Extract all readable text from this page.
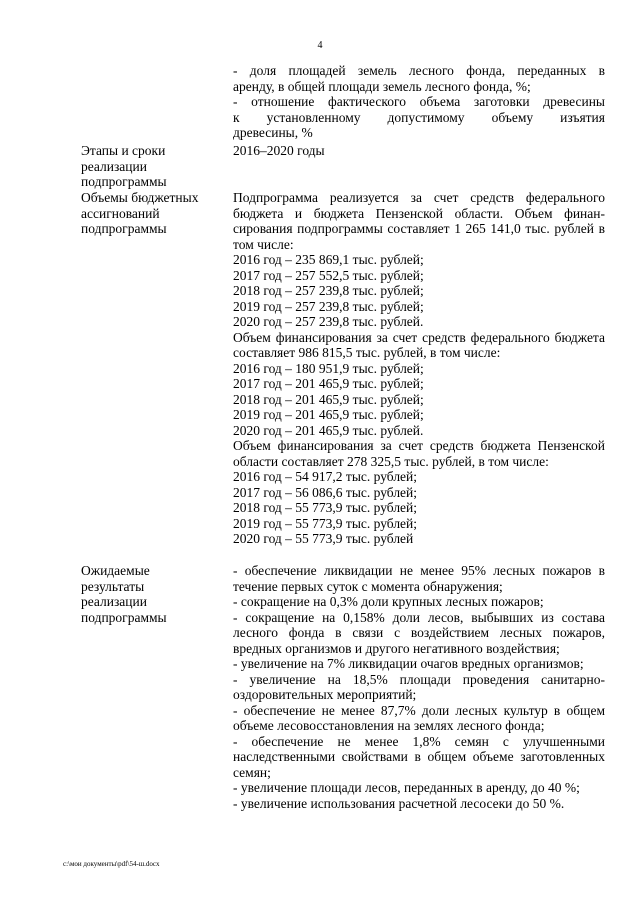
4
- доля площадей земель лесного фонда, переданных в
аренду, в общей площади земель лесного фонда, %;
- отношение фактического объема заготовки древесины
к установленному допустимому объему изъятия
древесины, %
Этапы и сроки реализации подпрограммы
2016–2020 годы
Объемы бюджетных ассигнований подпрограммы
Подпрограмма реализуется за счет средств федерального бюджета и бюджета Пензенской области. Объем финансирования подпрограммы составляет 1 265 141,0 тыс. рублей в том числе:
2016 год – 235 869,1 тыс. рублей;
2017 год – 257 552,5 тыс. рублей;
2018 год – 257 239,8 тыс. рублей;
2019 год – 257 239,8 тыс. рублей;
2020 год – 257 239,8 тыс. рублей.
Объем финансирования за счет средств федерального бюджета составляет 986 815,5 тыс. рублей, в том числе:
2016 год – 180 951,9 тыс. рублей;
2017 год – 201 465,9 тыс. рублей;
2018 год – 201 465,9 тыс. рублей;
2019 год – 201 465,9 тыс. рублей;
2020 год – 201 465,9 тыс. рублей.
Объем финансирования за счет средств бюджета Пензенской области составляет 278 325,5 тыс. рублей, в том числе:
2016 год – 54 917,2 тыс. рублей;
2017 год – 56 086,6 тыс. рублей;
2018 год – 55 773,9 тыс. рублей;
2019 год – 55 773,9 тыс. рублей;
2020 год – 55 773,9 тыс. рублей
Ожидаемые результаты реализации подпрограммы
- обеспечение ликвидации не менее 95% лесных пожаров в течение первых суток с момента обнаружения;
- сокращение на 0,3% доли крупных лесных пожаров;
- сокращение на 0,158% доли лесов, выбывших из состава лесного фонда в связи с воздействием лесных пожаров, вредных организмов и другого негативного воздействия;
- увеличение на 7% ликвидации очагов вредных организмов;
- увеличение на 18,5% площади проведения санитарно-оздоровительных мероприятий;
- обеспечение не менее 87,7% доли лесных культур в общем объеме лесовосстановления на землях лесного фонда;
- обеспечение не менее 1,8% семян с улучшенными наследственными свойствами в общем объеме заготовленных семян;
- увеличение площади лесов, переданных в аренду, до 40 %;
- увеличение использования расчетной лесосеки до 50 %.
c:\мои документы\pdf\54-ш.docx
